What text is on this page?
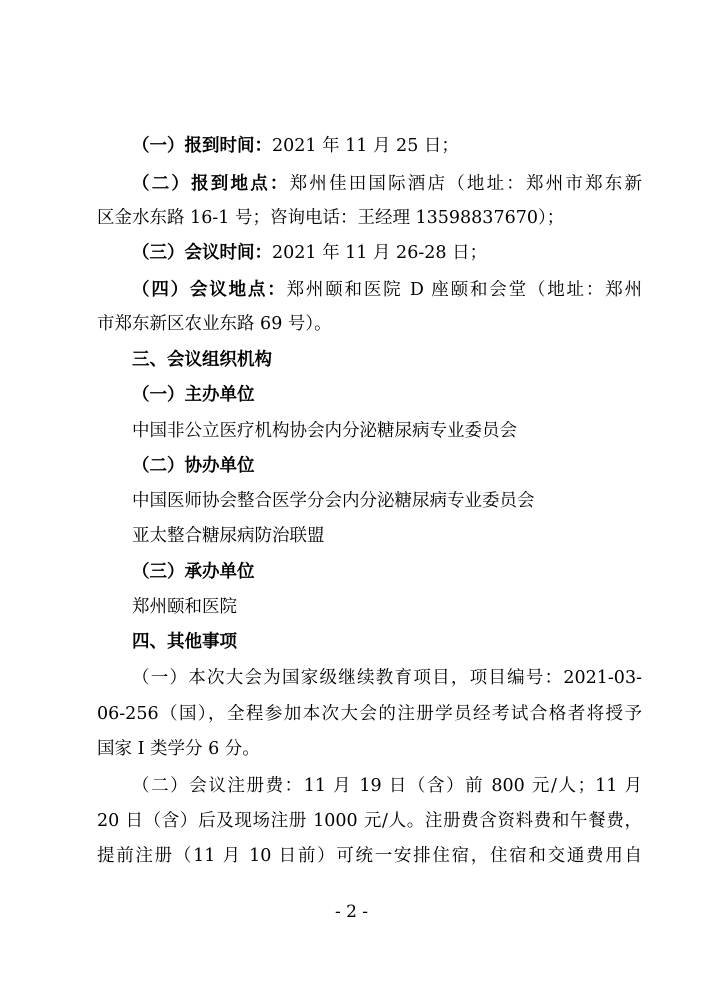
（一）报到时间：2021 年 11 月 25 日；
（二）报到地点：郑州佳田国际酒店（地址：郑州市郑东新
区金水东路 16-1 号；咨询电话：王经理 13598837670）；
（三）会议时间：2021 年 11 月 26-28 日；
（四）会议地点：郑州颐和医院 D 座颐和会堂（地址：郑州
市郑东新区农业东路 69 号）。
三、会议组织机构
（一）主办单位
中国非公立医疗机构协会内分泌糖尿病专业委员会
（二）协办单位
中国医师协会整合医学分会内分泌糖尿病专业委员会
亚太整合糖尿病防治联盟
（三）承办单位
郑州颐和医院
四、其他事项
（一）本次大会为国家级继续教育项目，项目编号：2021-03-
06-256（国），全程参加本次大会的注册学员经考试合格者将授予
国家 I 类学分 6 分。
（二）会议注册费：11 月 19 日（含）前 800 元/人；11 月
20 日（含）后及现场注册 1000 元/人。注册费含资料费和午餐费，
提前注册（11 月 10 日前）可统一安排住宿，住宿和交通费用自
- 2 -
